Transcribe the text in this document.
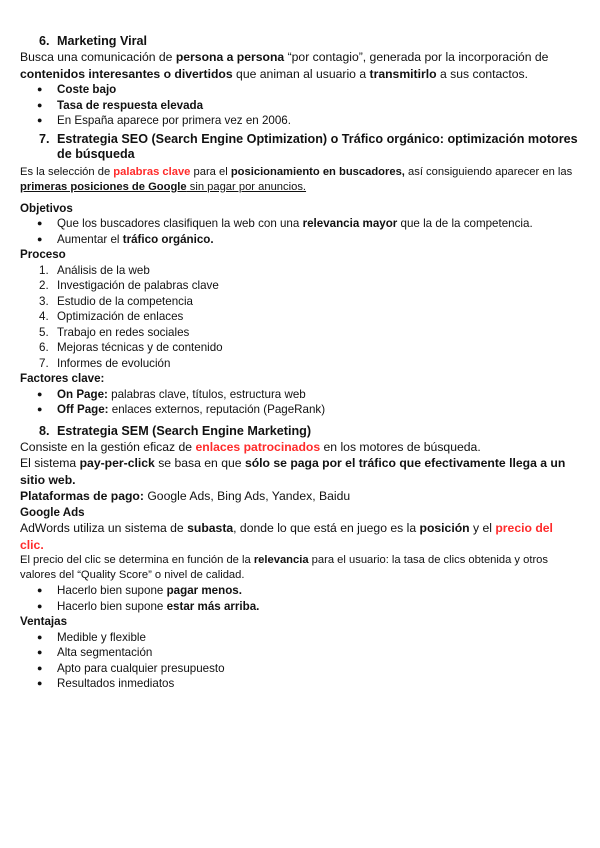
6. Marketing Viral
Busca una comunicación de persona a persona “por contagio”, generada por la incorporación de contenidos interesantes o divertidos que animan al usuario a transmitirlo a sus contactos.
● Coste bajo
● Tasa de respuesta elevada
● En España aparece por primera vez en 2006.
7. Estrategia SEO (Search Engine Optimization) o Tráfico orgánico: optimización motores de búsqueda
Es la selección de palabras clave para el posicionamiento en buscadores, así consiguiendo aparecer en las primeras posiciones de Google sin pagar por anuncios.
Objetivos
● Que los buscadores clasifiquen la web con una relevancia mayor que la de la competencia.
● Aumentar el tráfico orgánico.
Proceso
1. Análisis de la web
2. Investigación de palabras clave
3. Estudio de la competencia
4. Optimización de enlaces
5. Trabajo en redes sociales
6. Mejoras técnicas y de contenido
7. Informes de evolución
Factores clave:
● On Page: palabras clave, títulos, estructura web
● Off Page: enlaces externos, reputación (PageRank)
8. Estrategia SEM (Search Engine Marketing)
Consiste en la gestión eficaz de enlaces patrocinados en los motores de búsqueda.
El sistema pay-per-click se basa en que sólo se paga por el tráfico que efectivamente llega a un sitio web.
Plataformas de pago: Google Ads, Bing Ads, Yandex, Baidu
Google Ads
AdWords utiliza un sistema de subasta, donde lo que está en juego es la posición y el precio del clic.
El precio del clic se determina en función de la relevancia para el usuario: la tasa de clics obtenida y otros valores del “Quality Score” o nivel de calidad.
● Hacerlo bien supone pagar menos.
● Hacerlo bien supone estar más arriba.
Ventajas
● Medible y flexible
● Alta segmentación
● Apto para cualquier presupuesto
● Resultados inmediatos
